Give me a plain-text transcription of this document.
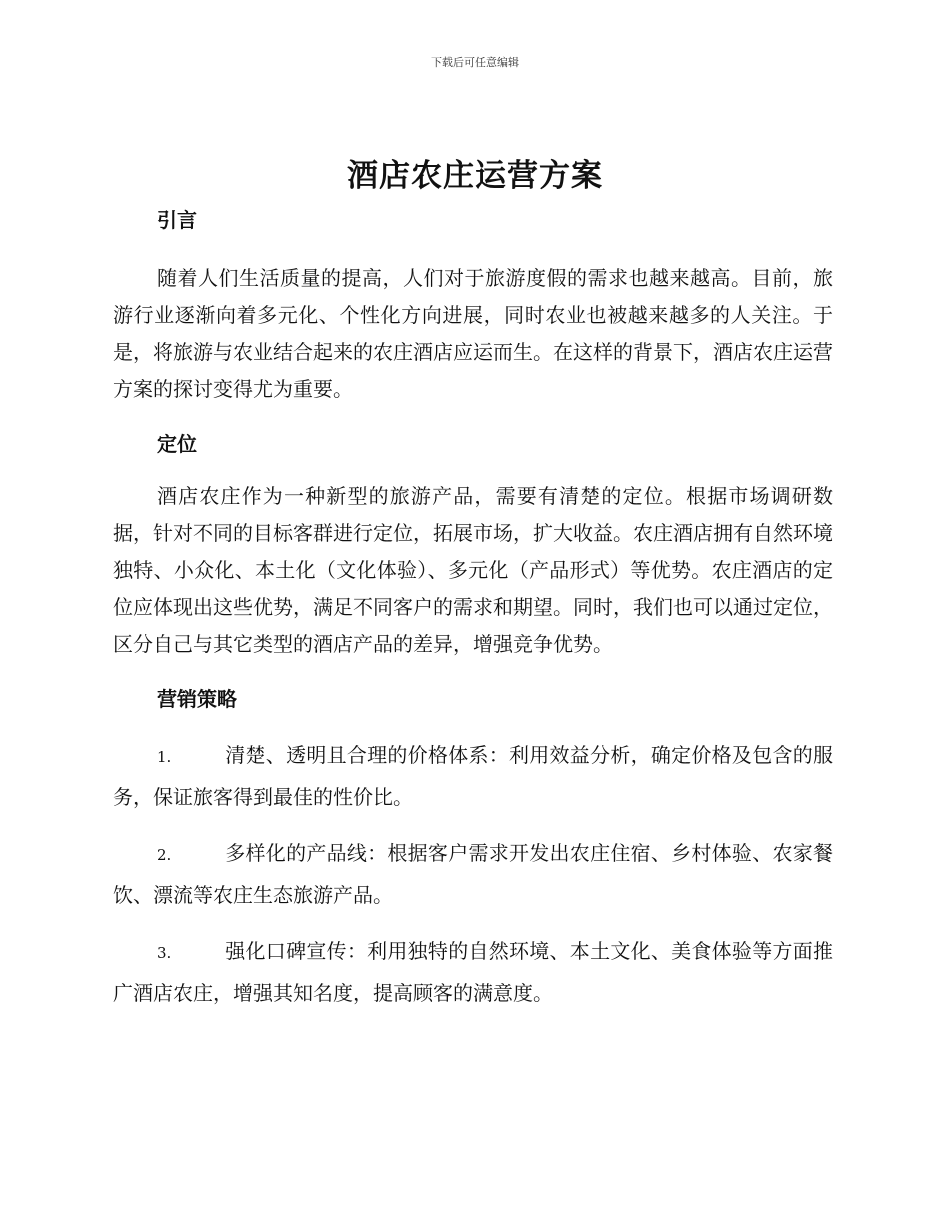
下载后可任意编辑
酒店农庄运营方案
引言

随着人们生活质量的提高，人们对于旅游度假的需求也越来越高。目前，旅游行业逐渐向着多元化、个性化方向进展，同时农业也被越来越多的人关注。于是，将旅游与农业结合起来的农庄酒店应运而生。在这样的背景下，酒店农庄运营方案的探讨变得尤为重要。

定位

酒店农庄作为一种新型的旅游产品，需要有清楚的定位。根据市场调研数据，针对不同的目标客群进行定位，拓展市场，扩大收益。农庄酒店拥有自然环境独特、小众化、本土化（文化体验）、多元化（产品形式）等优势。农庄酒店的定位应体现出这些优势，满足不同客户的需求和期望。同时，我们也可以通过定位，区分自己与其它类型的酒店产品的差异，增强竞争优势。

营销策略

1.	清楚、透明且合理的价格体系：利用效益分析，确定价格及包含的服务，保证旅客得到最佳的性价比。

2.	多样化的产品线：根据客户需求开发出农庄住宿、乡村体验、农家餐饮、漂流等农庄生态旅游产品。

3.	强化口碑宣传：利用独特的自然环境、本土文化、美食体验等方面推广酒店农庄，增强其知名度，提高顾客的满意度。
